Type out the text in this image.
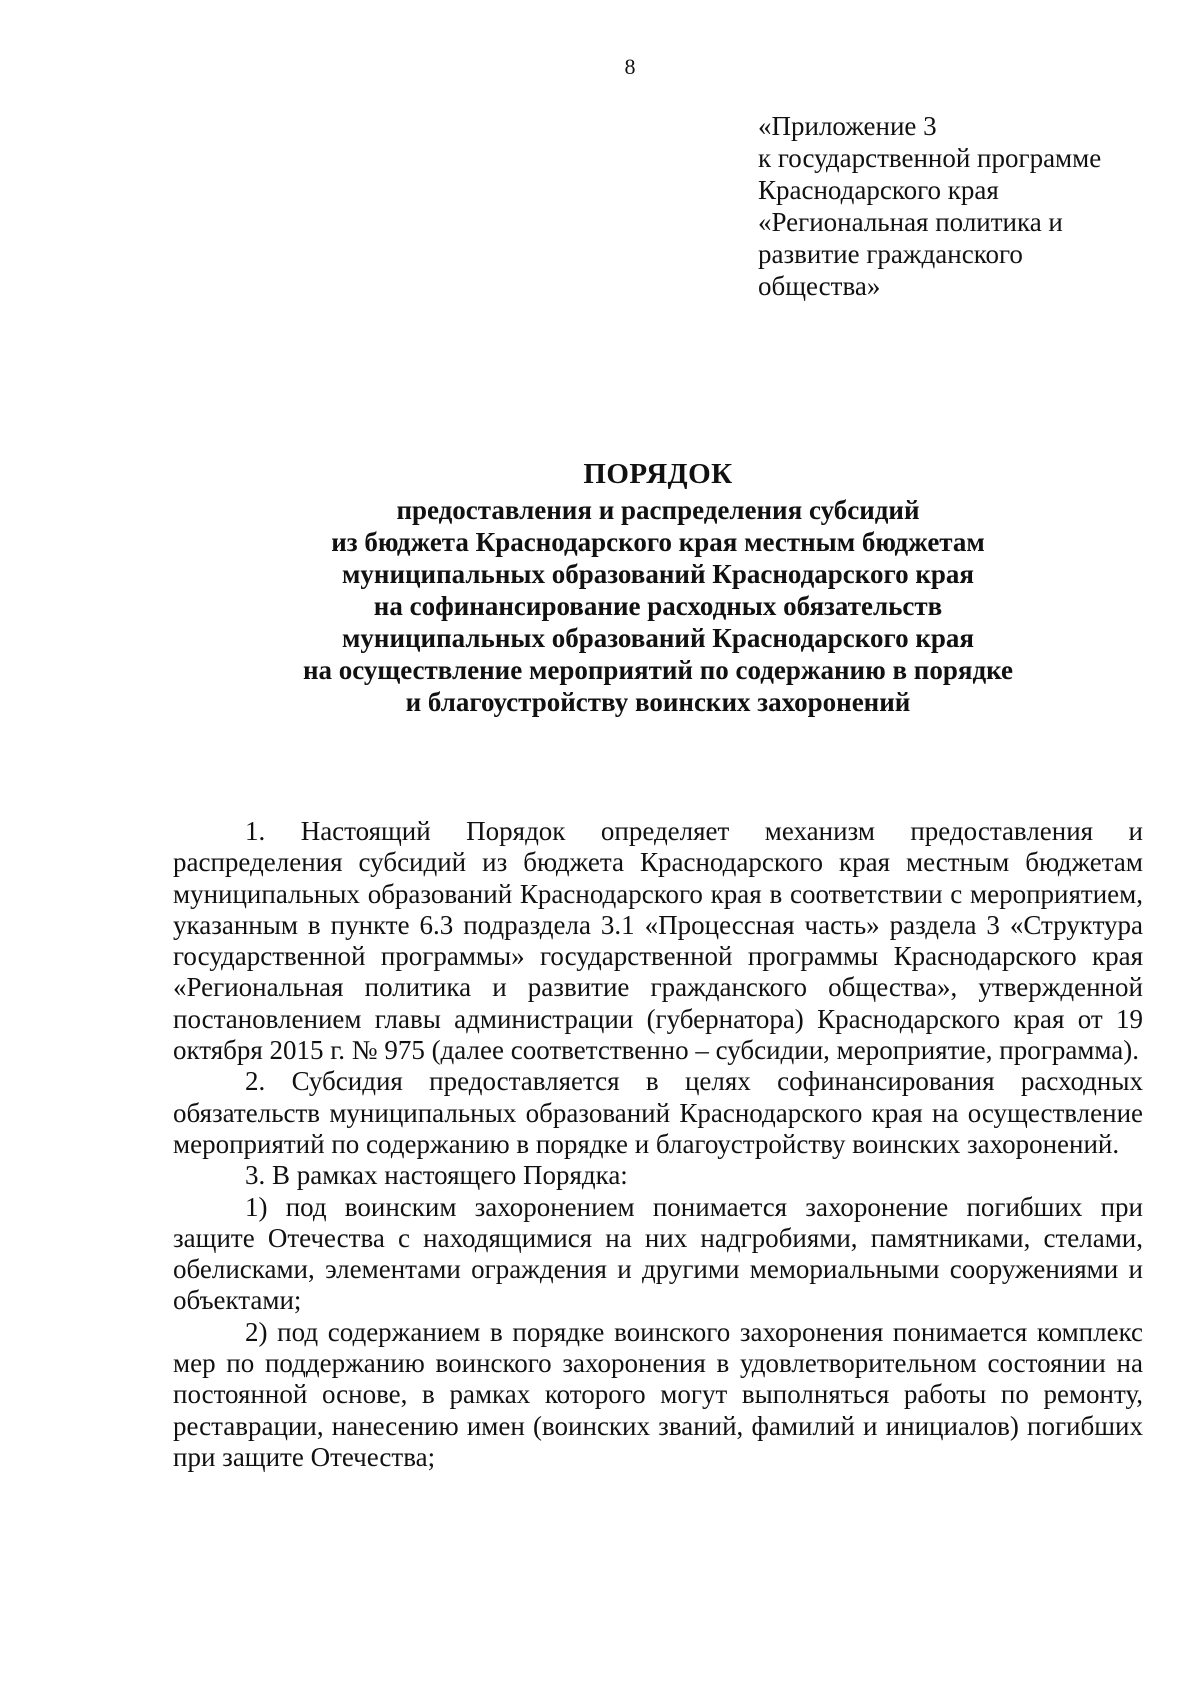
8
«Приложение 3
к государственной программе
Краснодарского края
«Региональная политика и
развитие гражданского
общества»
ПОРЯДОК
предоставления и распределения субсидий
из бюджета Краснодарского края местным бюджетам
муниципальных образований Краснодарского края
на софинансирование расходных обязательств
муниципальных образований Краснодарского края
на осуществление мероприятий по содержанию в порядке
и благоустройству воинских захоронений

1. Настоящий Порядок определяет механизм предоставления и распределения субсидий из бюджета Краснодарского края местным бюджетам муниципальных образований Краснодарского края в соответствии с мероприятием, указанным в пункте 6.3 подраздела 3.1 «Процессная часть» раздела 3 «Структура государственной программы» государственной программы Краснодарского края «Региональная политика и развитие гражданского общества», утвержденной постановлением главы администрации (губернатора) Краснодарского края от 19 октября 2015 г. № 975 (далее соответственно – субсидии, мероприятие, программа).

2. Субсидия предоставляется в целях софинансирования расходных обязательств муниципальных образований Краснодарского края на осуществление мероприятий по содержанию в порядке и благоустройству воинских захоронений.

3. В рамках настоящего Порядка:

1) под воинским захоронением понимается захоронение погибших при защите Отечества с находящимися на них надгробиями, памятниками, стелами, обелисками, элементами ограждения и другими мемориальными сооружениями и объектами;

2) под содержанием в порядке воинского захоронения понимается комплекс мер по поддержанию воинского захоронения в удовлетворительном состоянии на постоянной основе, в рамках которого могут выполняться работы по ремонту, реставрации, нанесению имен (воинских званий, фамилий и инициалов) погибших при защите Отечества;
